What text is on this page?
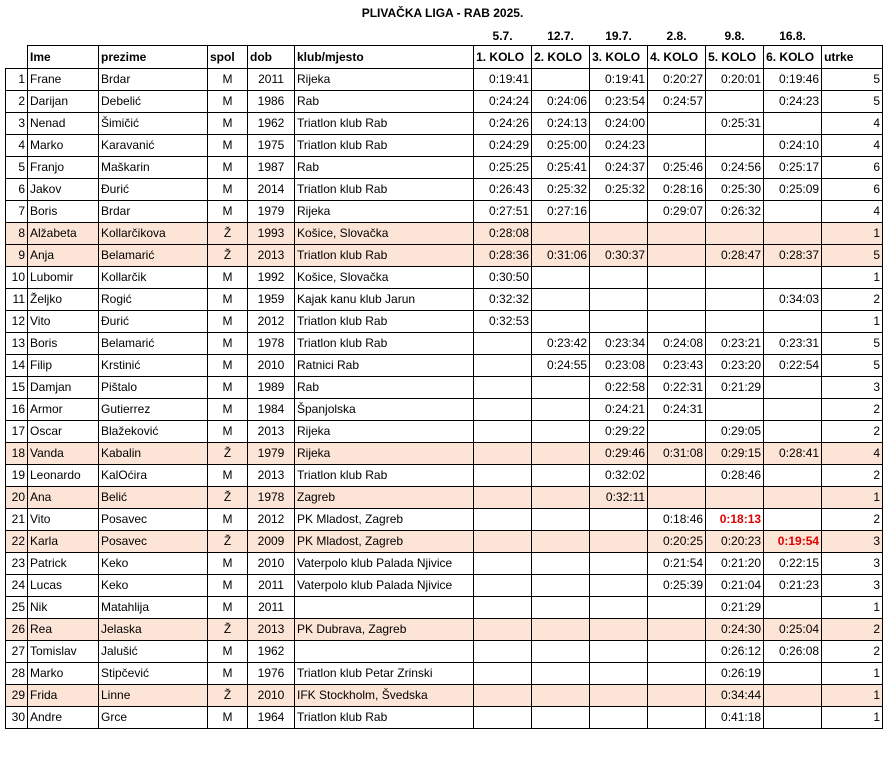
PLIVAČKA LIGA - RAB 2025.
						5.7.	12.7.	19.7.	2.8.	9.8.	16.8.	
	Ime	prezime	spol	dob	klub/mjesto	1. KOLO	2. KOLO	3. KOLO	4. KOLO	5. KOLO	6. KOLO	utrke
1	Frane	Brdar	M	2011	Rijeka	0:19:41		0:19:41	0:20:27	0:20:01	0:19:46	5
2	Darijan	Debelić	M	1986	Rab	0:24:24	0:24:06	0:23:54	0:24:57		0:24:23	5
3	Nenad	Šimičić	M	1962	Triatlon klub Rab	0:24:26	0:24:13	0:24:00		0:25:31		4
4	Marko	Karavanić	M	1975	Triatlon klub Rab	0:24:29	0:25:00	0:24:23			0:24:10	4
5	Franjo	Maškarin	M	1987	Rab	0:25:25	0:25:41	0:24:37	0:25:46	0:24:56	0:25:17	6
6	Jakov	Đurić	M	2014	Triatlon klub Rab	0:26:43	0:25:32	0:25:32	0:28:16	0:25:30	0:25:09	6
7	Boris	Brdar	M	1979	Rijeka	0:27:51	0:27:16		0:29:07	0:26:32		4
8	Alžabeta	Kollarčikova	Ž	1993	Košice, Slovačka	0:28:08						1
9	Anja	Belamarić	Ž	2013	Triatlon klub Rab	0:28:36	0:31:06	0:30:37		0:28:47	0:28:37	5
10	Lubomir	Kollarčik	M	1992	Košice, Slovačka	0:30:50						1
11	Željko	Rogić	M	1959	Kajak kanu klub Jarun	0:32:32					0:34:03	2
12	Vito	Đurić	M	2012	Triatlon klub Rab	0:32:53						1
13	Boris	Belamarić	M	1978	Triatlon klub Rab		0:23:42	0:23:34	0:24:08	0:23:21	0:23:31	5
14	Filip	Krstinić	M	2010	Ratnici Rab		0:24:55	0:23:08	0:23:43	0:23:20	0:22:54	5
15	Damjan	Pištalo	M	1989	Rab			0:22:58	0:22:31	0:21:29		3
16	Armor	Gutierrez	M	1984	Španjolska			0:24:21	0:24:31			2
17	Oscar	Blažeković	M	2013	Rijeka			0:29:22		0:29:05		2
18	Vanda	Kabalin	Ž	1979	Rijeka			0:29:46	0:31:08	0:29:15	0:28:41	4
19	Leonardo	KalOćira	M	2013	Triatlon klub Rab			0:32:02		0:28:46		2
20	Ana	Belić	Ž	1978	Zagreb			0:32:11				1
21	Vito	Posavec	M	2012	PK Mladost, Zagreb				0:18:46	0:18:13		2
22	Karla	Posavec	Ž	2009	PK Mladost, Zagreb				0:20:25	0:20:23	0:19:54	3
23	Patrick	Keko	M	2010	Vaterpolo klub Palada Njivice				0:21:54	0:21:20	0:22:15	3
24	Lucas	Keko	M	2011	Vaterpolo klub Palada Njivice				0:25:39	0:21:04	0:21:23	3
25	Nik	Matahlija	M	2011						0:21:29		1
26	Rea	Jelaska	Ž	2013	PK Dubrava, Zagreb					0:24:30	0:25:04	2
27	Tomislav	Jalušić	M	1962						0:26:12	0:26:08	2
28	Marko	Stipčević	M	1976	Triatlon klub Petar Zrinski					0:26:19		1
29	Frida	Linne	Ž	2010	IFK Stockholm, Švedska					0:34:44		1
30	Andre	Grce	M	1964	Triatlon klub Rab					0:41:18		1
